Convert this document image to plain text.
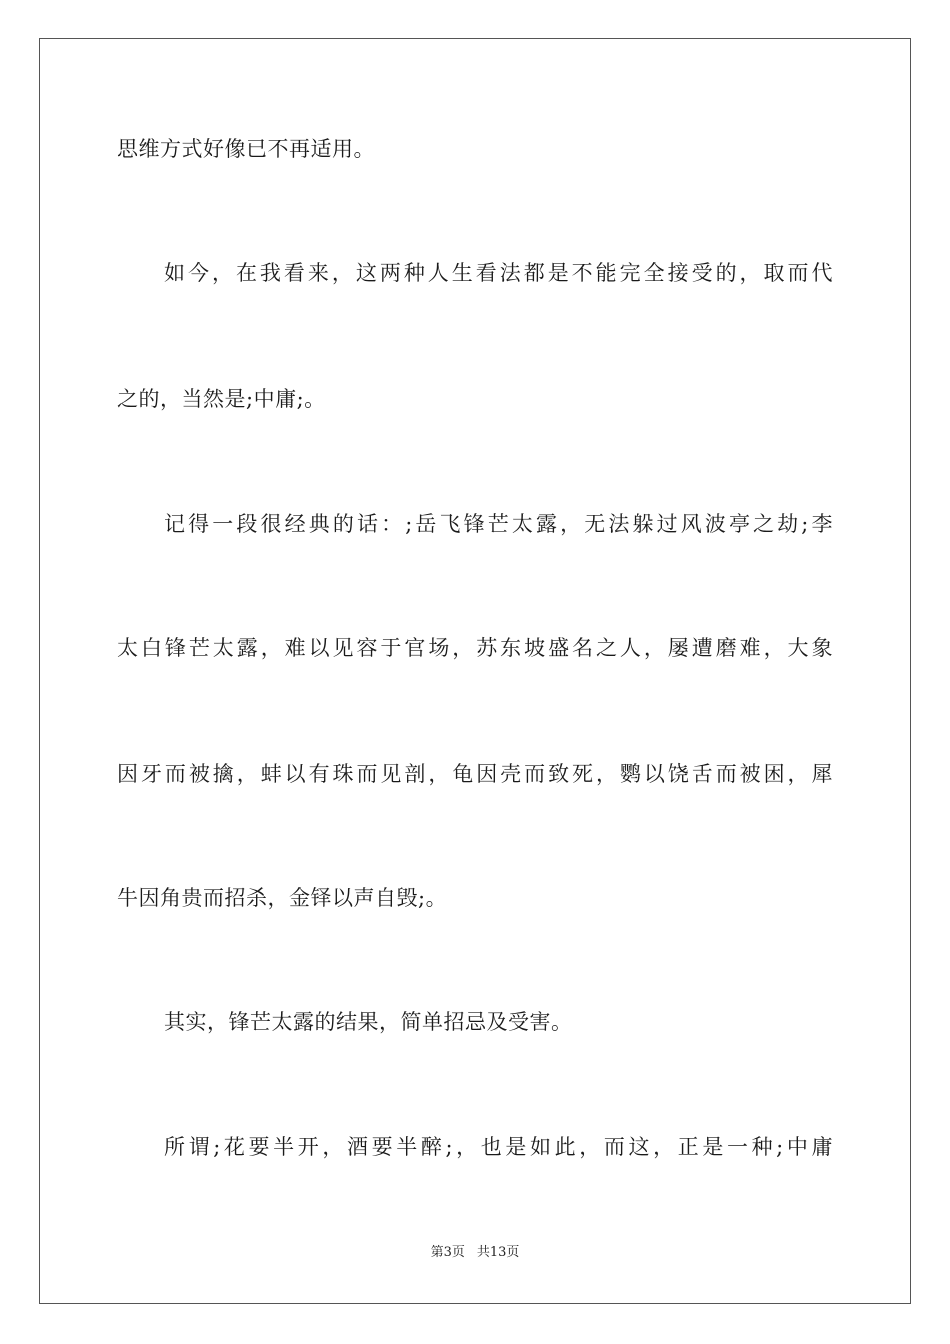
思维方式好像已不再适用。
如今，在我看来，这两种人生看法都是不能完全接受的，取而代
之的，当然是;中庸;。
记得一段很经典的话：;岳飞锋芒太露，无法躲过风波亭之劫;李
太白锋芒太露，难以见容于官场，苏东坡盛名之人，屡遭磨难，大象
因牙而被擒，蚌以有珠而见剖，龟因壳而致死，鹦以饶舌而被困，犀
牛因角贵而招杀，金铎以声自毁;。
其实，锋芒太露的结果，简单招忌及受害。
所谓;花要半开，酒要半醉;，也是如此，而这，正是一种;中庸
第3页 共13页
